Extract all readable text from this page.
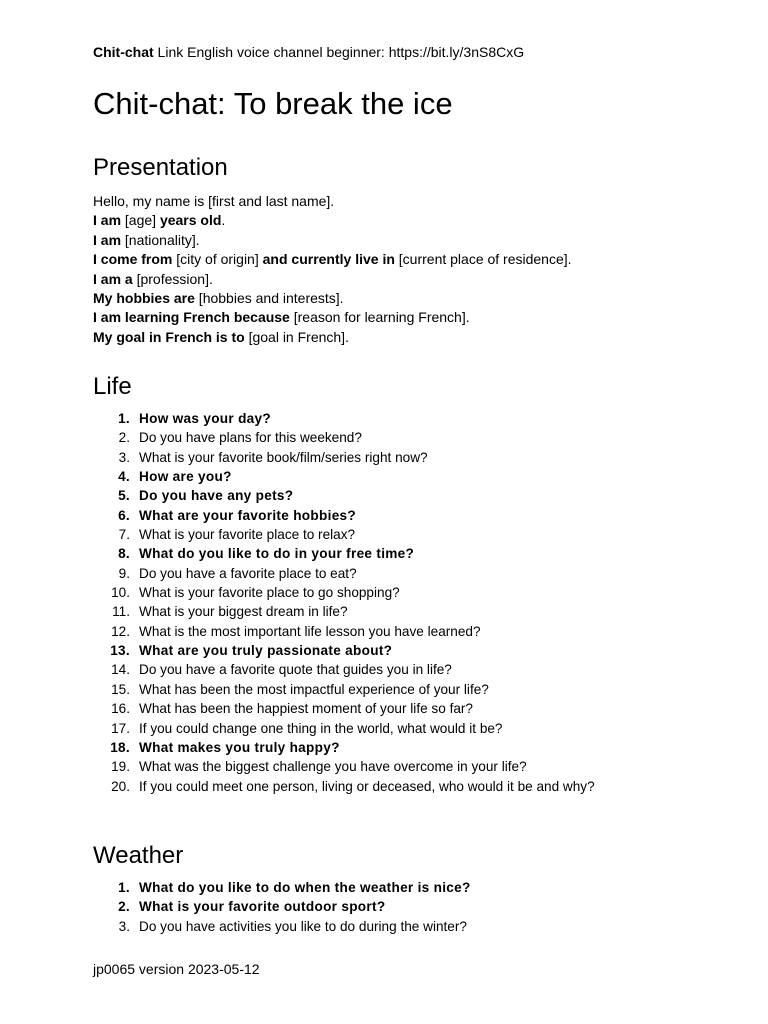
Chit-chat Link English voice channel beginner: https://bit.ly/3nS8CxG
Chit-chat: To break the ice
Presentation
Hello, my name is [first and last name].
I am [age] years old.
I am [nationality].
I come from [city of origin] and currently live in [current place of residence].
I am a [profession].
My hobbies are [hobbies and interests].
I am learning French because [reason for learning French].
My goal in French is to [goal in French].
Life
1. How was your day?
2. Do you have plans for this weekend?
3. What is your favorite book/film/series right now?
4. How are you?
5. Do you have any pets?
6. What are your favorite hobbies?
7. What is your favorite place to relax?
8. What do you like to do in your free time?
9. Do you have a favorite place to eat?
10. What is your favorite place to go shopping?
11. What is your biggest dream in life?
12. What is the most important life lesson you have learned?
13. What are you truly passionate about?
14. Do you have a favorite quote that guides you in life?
15. What has been the most impactful experience of your life?
16. What has been the happiest moment of your life so far?
17. If you could change one thing in the world, what would it be?
18. What makes you truly happy?
19. What was the biggest challenge you have overcome in your life?
20. If you could meet one person, living or deceased, who would it be and why?
Weather
1. What do you like to do when the weather is nice?
2. What is your favorite outdoor sport?
3. Do you have activities you like to do during the winter?
jp0065 version 2023-05-12
